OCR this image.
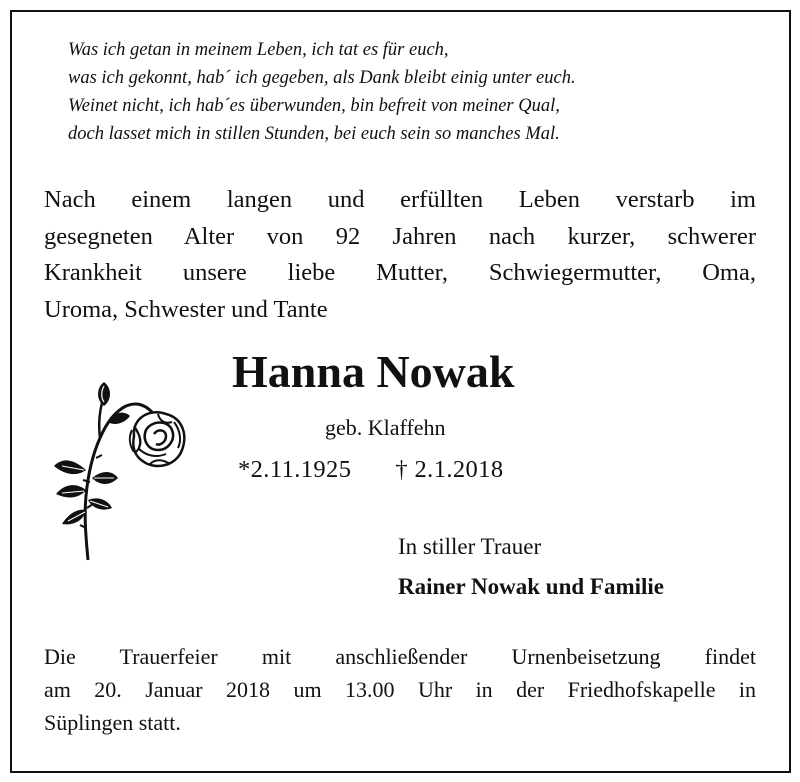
Was ich getan in meinem Leben, ich tat es für euch,
was ich gekonnt, hab´ ich gegeben, als Dank bleibt einig unter euch.
Weinet nicht, ich hab´es überwunden, bin befreit von meiner Qual,
doch lasset mich in stillen Stunden, bei euch sein so manches Mal.
Nach einem langen und erfüllten Leben verstarb im
gesegneten Alter von 92 Jahren nach kurzer, schwerer
Krankheit unsere liebe Mutter, Schwiegermutter, Oma,
Uroma, Schwester und Tante
Hanna Nowak
geb. Klaffehn
*2.11.1925 † 2.1.2018
In stiller Trauer
Rainer Nowak und Familie
Die Trauerfeier mit anschließender Urnenbeisetzung findet
am 20. Januar 2018 um 13.00 Uhr in der Friedhofskapelle in
Süplingen statt.
